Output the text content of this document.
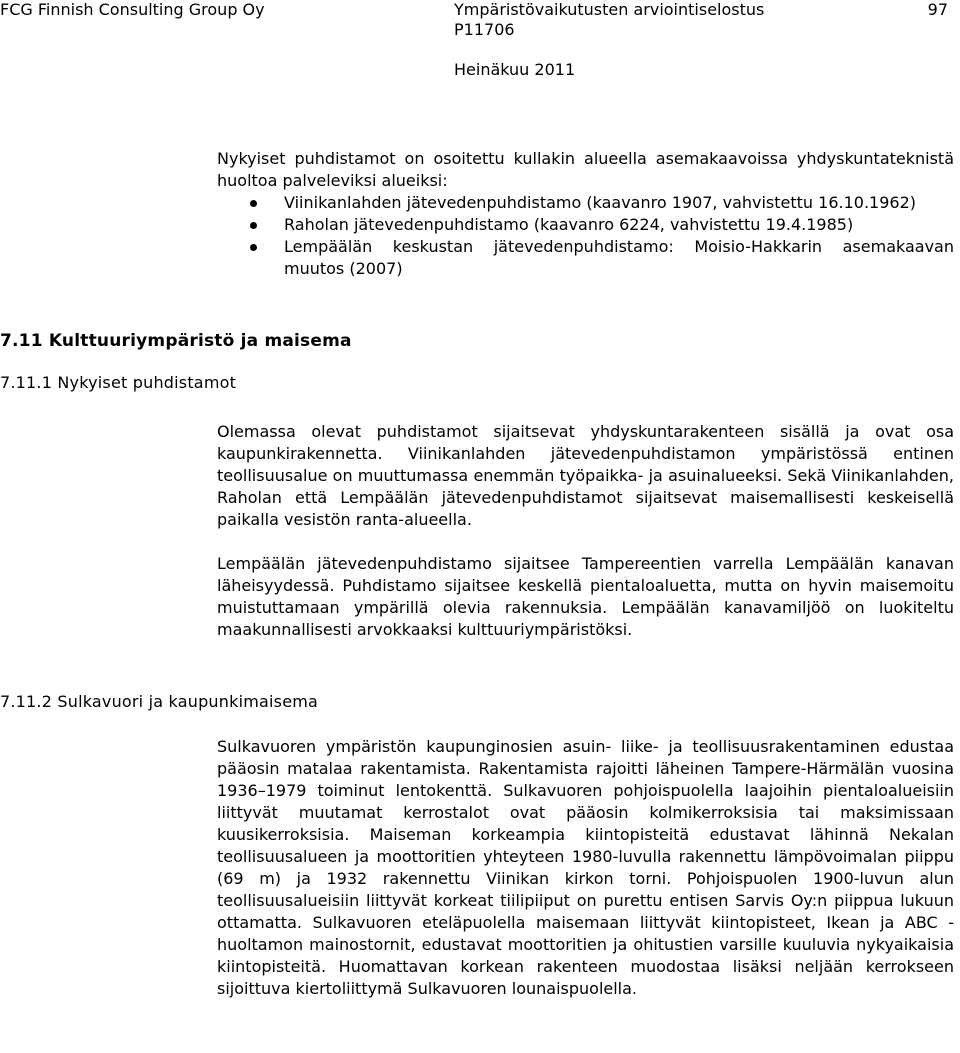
FCG Finnish Consulting Group Oy	Ympäristövaikutusten arviointiselostus
P11706
97
Heinäkuu 2011

Nykyiset puhdistamot on osoitettu kullakin alueella asemakaavoissa yhdyskuntateknistä huoltoa palveleviksi alueiksi:

Viinikanlahden jätevedenpuhdistamo (kaavanro 1907, vahvistettu 16.10.1962)
Raholan jätevedenpuhdistamo (kaavanro 6224, vahvistettu 19.4.1985)
Lempäälän keskustan jätevedenpuhdistamo: Moisio-Hakkarin asemakaavan muutos (2007)
7.11 Kulttuuriympäristö ja maisema
7.11.1 Nykyiset puhdistamot

Olemassa olevat puhdistamot sijaitsevat yhdyskuntarakenteen sisällä ja ovat osa kaupunkirakennetta. Viinikanlahden jätevedenpuhdistamon ympäristössä entinen teollisuusalue on muuttumassa enemmän työpaikka- ja asuinalueeksi. Sekä Viinikanlahden, Raholan että Lempäälän jätevedenpuhdistamot sijaitsevat maisemallisesti keskeisellä paikalla vesistön ranta-alueella.

Lempäälän jätevedenpuhdistamo sijaitsee Tampereentien varrella Lempäälän kanavan läheisyydessä. Puhdistamo sijaitsee keskellä pientaloaluetta, mutta on hyvin maisemoitu muistuttamaan ympärillä olevia rakennuksia. Lempäälän kanavamiljöö on luokiteltu maakunnallisesti arvokkaaksi kulttuuriympäristöksi.

7.11.2 Sulkavuori ja kaupunkimaisema

Sulkavuoren ympäristön kaupunginosien asuin- liike- ja teollisuusrakentaminen edustaa pääosin matalaa rakentamista. Rakentamista rajoitti läheinen Tampere-Härmälän vuosina 1936–1979 toiminut lentokenttä. Sulkavuoren pohjoispuolella laajoihin pientaloalueisiin liittyvät muutamat kerrostalot ovat pääosin kolmikerroksisia tai maksimissaan kuusikerroksisia. Maiseman korkeampia kiintopisteitä edustavat lähinnä Nekalan teollisuusalueen ja moottoritien yhteyteen 1980-luvulla rakennettu lämpövoimalan piippu (69 m) ja 1932 rakennettu Viinikan kirkon torni. Pohjoispuolen 1900-luvun alun teollisuusalueisiin liittyvät korkeat tiilipiiput on purettu entisen Sarvis Oy:n piippua lukuun ottamatta. Sulkavuoren eteläpuolella maisemaan liittyvät kiintopisteet, Ikean ja ABC -huoltamon mainostornit, edustavat moottoritien ja ohitustien varsille kuuluvia nykyaikaisia kiintopisteitä. Huomattavan korkean rakenteen muodostaa lisäksi neljään kerrokseen sijoittuva kiertoliittymä Sulkavuoren lounaispuolella.
